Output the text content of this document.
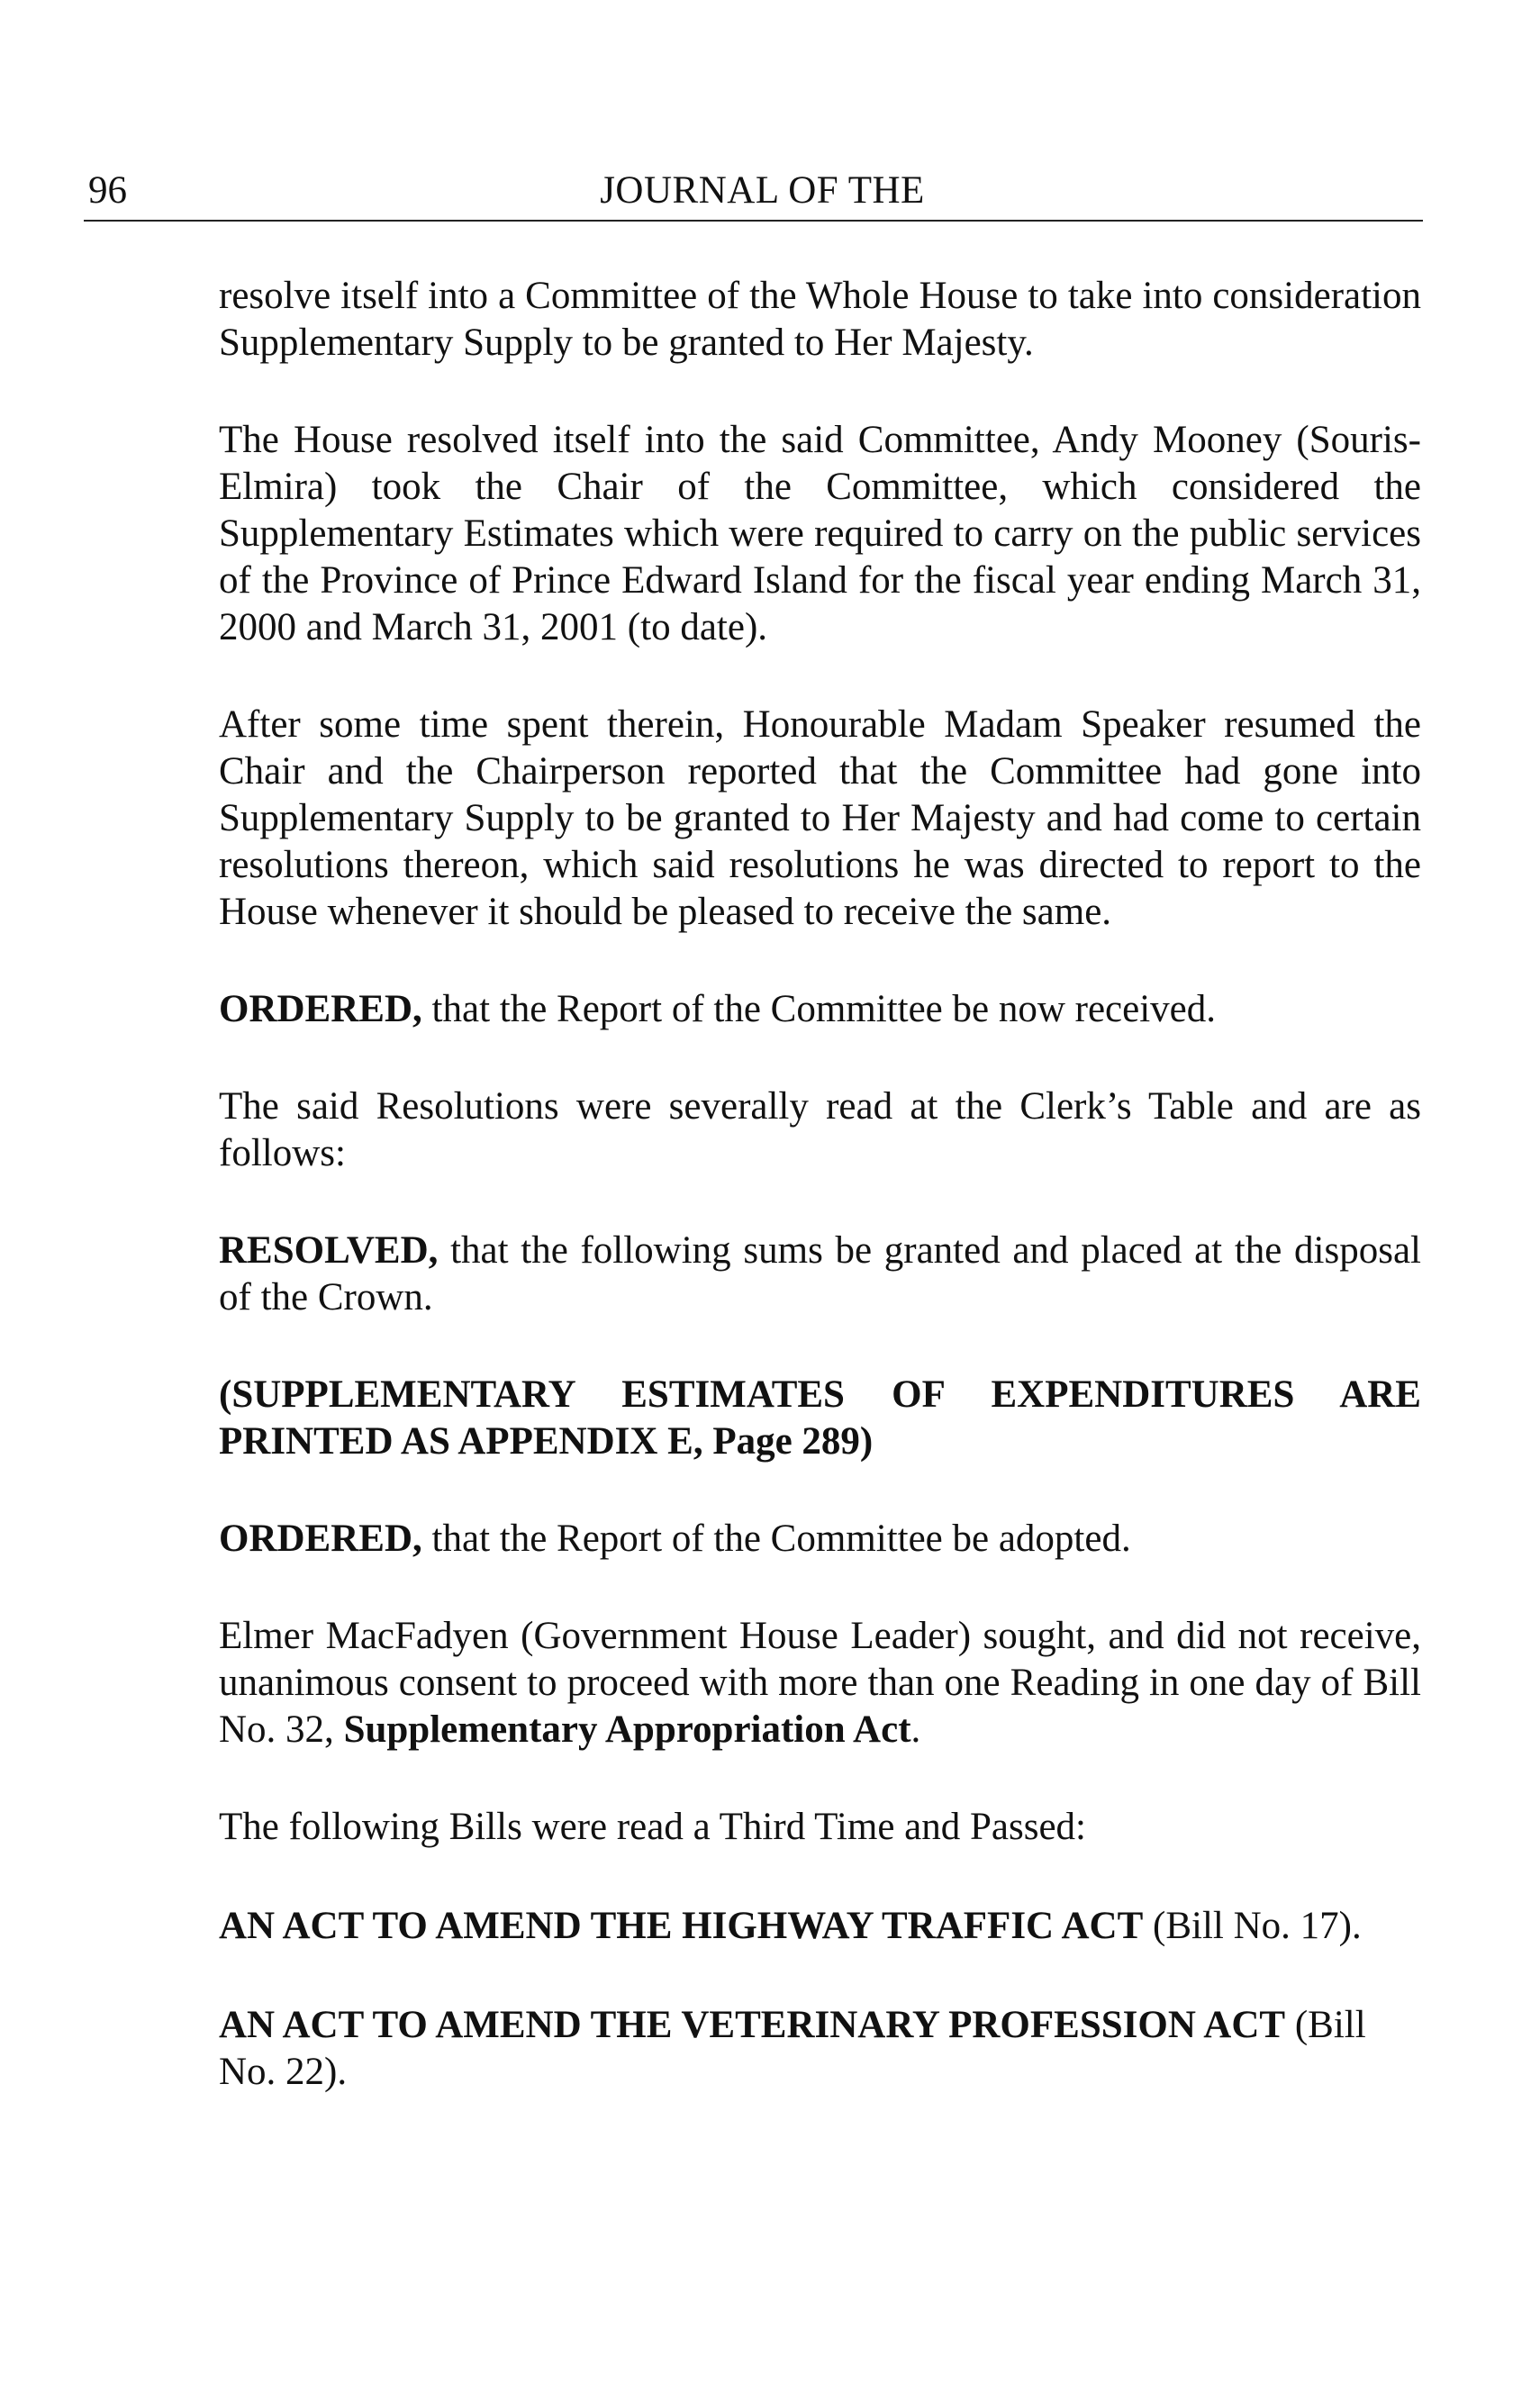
96	JOURNAL OF THE

resolve itself into a Committee of the Whole House to take into consideration Supplementary Supply to be granted to Her Majesty.

The House resolved itself into the said Committee, Andy Mooney (Souris-Elmira) took the Chair of the Committee, which considered the Supplementary Estimates which were required to carry on the public services of the Province of Prince Edward Island for the fiscal year ending March 31, 2000 and March 31, 2001 (to date).

After some time spent therein, Honourable Madam Speaker resumed the Chair and the Chairperson reported that the Committee had gone into Supplementary Supply to be granted to Her Majesty and had come to certain resolutions thereon, which said resolutions he was directed to report to the House whenever it should be pleased to receive the same.

ORDERED, that the Report of the Committee be now received.

The said Resolutions were severally read at the Clerk’s Table and are as follows:

RESOLVED, that the following sums be granted and placed at the disposal of the Crown.

(SUPPLEMENTARY ESTIMATES OF EXPENDITURES ARE PRINTED AS APPENDIX E, Page 289)

ORDERED, that the Report of the Committee be adopted.

Elmer MacFadyen (Government House Leader) sought, and did not receive, unanimous consent to proceed with more than one Reading in one day of Bill No. 32, Supplementary Appropriation Act.

The following Bills were read a Third Time and Passed:

AN ACT TO AMEND THE HIGHWAY TRAFFIC ACT (Bill No. 17).

AN ACT TO AMEND THE VETERINARY PROFESSION ACT (Bill No. 22).
